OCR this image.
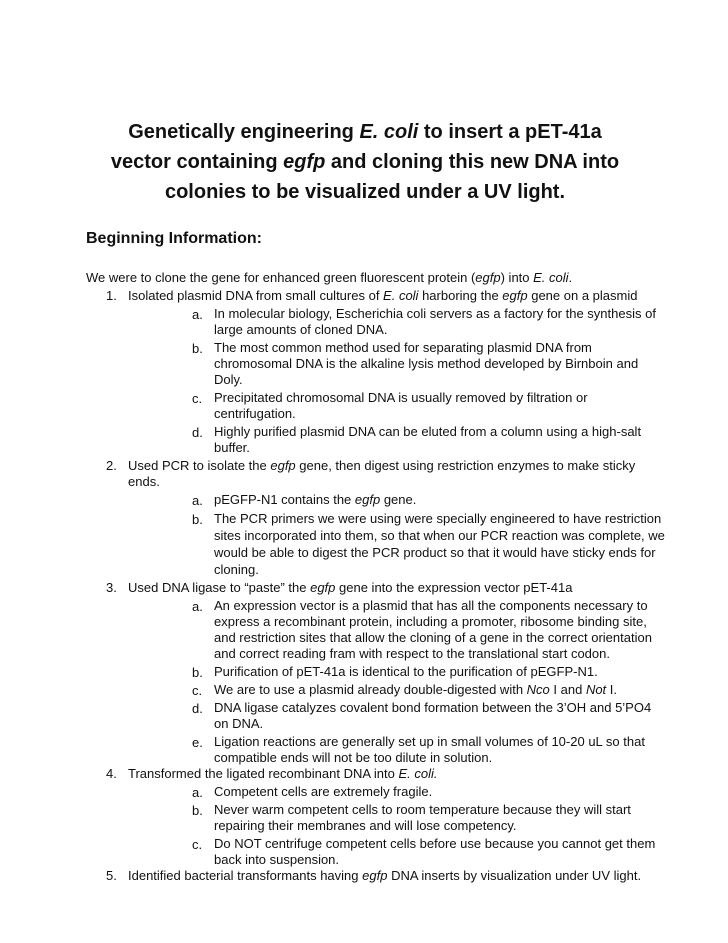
Genetically engineering E. coli to insert a pET-41a
vector containing egfp and cloning this new DNA into
colonies to be visualized under a UV light.
Beginning Information:

We were to clone the gene for enhanced green fluorescent protein (egfp) into E. coli.

1. Isolated plasmid DNA from small cultures of E. coli harboring the egfp gene on a plasmid
a. In molecular biology, Escherichia coli servers as a factory for the synthesis of large amounts of cloned DNA.
b. The most common method used for separating plasmid DNA from chromosomal DNA is the alkaline lysis method developed by Birnboin and Doly.
c. Precipitated chromosomal DNA is usually removed by filtration or centrifugation.
d. Highly purified plasmid DNA can be eluted from a column using a high-salt buffer.
2. Used PCR to isolate the egfp gene, then digest using restriction enzymes to make sticky ends.
a. pEGFP-N1 contains the egfp gene.
b. The PCR primers we were using were specially engineered to have restriction sites incorporated into them, so that when our PCR reaction was complete, we would be able to digest the PCR product so that it would have sticky ends for cloning.
3. Used DNA ligase to “paste” the egfp gene into the expression vector pET-41a
a. An expression vector is a plasmid that has all the components necessary to express a recombinant protein, including a promoter, ribosome binding site, and restriction sites that allow the cloning of a gene in the correct orientation and correct reading fram with respect to the translational start codon.
b. Purification of pET-41a is identical to the purification of pEGFP-N1.
c. We are to use a plasmid already double-digested with Nco I and Not I.
d. DNA ligase catalyzes covalent bond formation between the 3’OH and 5’PO4 on DNA.
e. Ligation reactions are generally set up in small volumes of 10-20 uL so that compatible ends will not be too dilute in solution.
4. Transformed the ligated recombinant DNA into E. coli.
a. Competent cells are extremely fragile.
b. Never warm competent cells to room temperature because they will start repairing their membranes and will lose competency.
c. Do NOT centrifuge competent cells before use because you cannot get them back into suspension.
5. Identified bacterial transformants having egfp DNA inserts by visualization under UV light.
